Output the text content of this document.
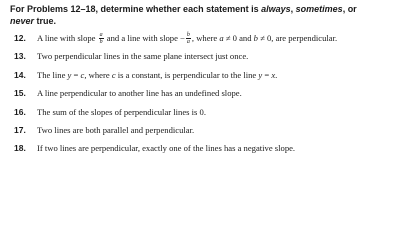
For Problems 12–18, determine whether each statement is always, sometimes, or
never true.

12. A line with slope $\frac{a}{b}$ and a line with slope − $\frac{b}{a}$ , where a ≠ 0 and b ≠ 0, are perpendicular.
13. Two perpendicular lines in the same plane intersect just once.
14. The line y = c, where c is a constant, is perpendicular to the line y = x.
15. A line perpendicular to another line has an undefined slope.
16. The sum of the slopes of perpendicular lines is 0.
17. Two lines are both parallel and perpendicular.
18. If two lines are perpendicular, exactly one of the lines has a negative slope.
